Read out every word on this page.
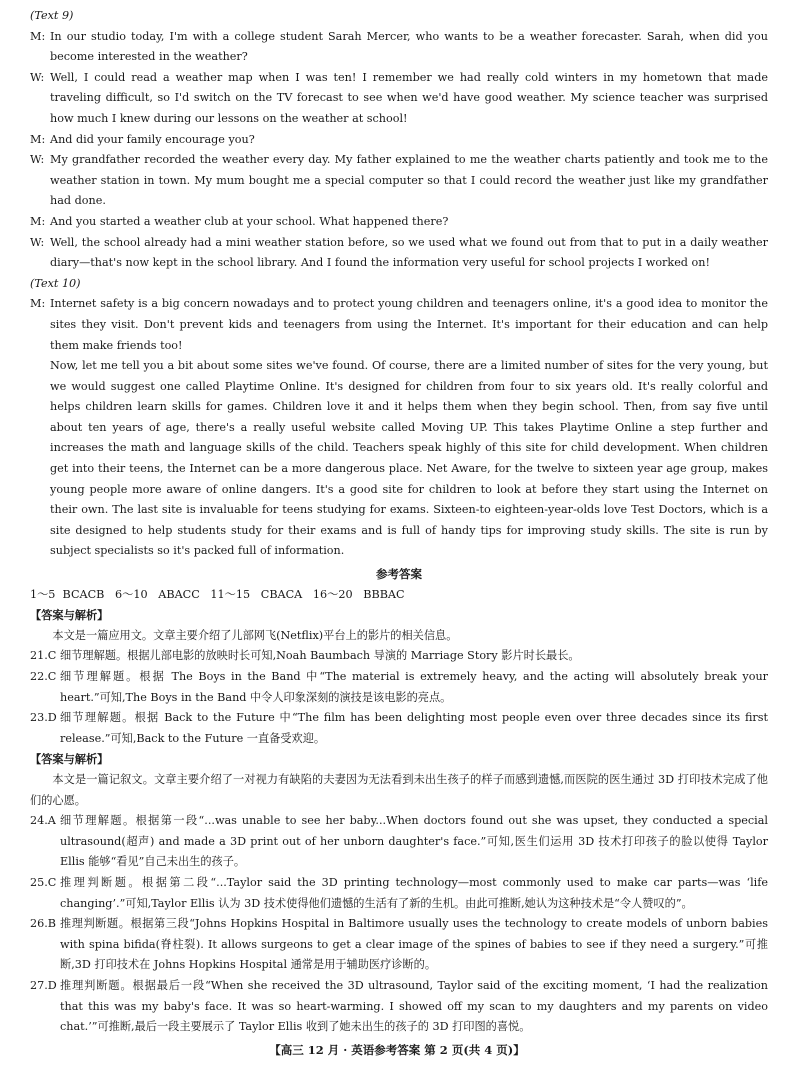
(Text 9)
M: In our studio today, I'm with a college student Sarah Mercer, who wants to be a weather forecaster. Sarah, when did you become interested in the weather?
W: Well, I could read a weather map when I was ten! I remember we had really cold winters in my hometown that made traveling difficult, so I'd switch on the TV forecast to see when we'd have good weather. My science teacher was surprised how much I knew during our lessons on the weather at school!
M: And did your family encourage you?
W: My grandfather recorded the weather every day. My father explained to me the weather charts patiently and took me to the weather station in town. My mum bought me a special computer so that I could record the weather just like my grandfather had done.
M: And you started a weather club at your school. What happened there?
W: Well, the school already had a mini weather station before, so we used what we found out from that to put in a daily weather diary—that's now kept in the school library. And I found the information very useful for school projects I worked on!
(Text 10)
M: Internet safety is a big concern nowadays and to protect young children and teenagers online, it's a good idea to monitor the sites they visit. Don't prevent kids and teenagers from using the Internet. It's important for their education and can help them make friends too!
Now, let me tell you a bit about some sites we've found. Of course, there are a limited number of sites for the very young, but we would suggest one called Playtime Online. It's designed for children from four to six years old. It's really colorful and helps children learn skills for games. Children love it and it helps them when they begin school. Then, from say five until about ten years of age, there's a really useful website called Moving UP. This takes Playtime Online a step further and increases the math and language skills of the child. Teachers speak highly of this site for child development. When children get into their teens, the Internet can be a more dangerous place. Net Aware, for the twelve to sixteen year age group, makes young people more aware of online dangers. It's a good site for children to look at before they start using the Internet on their own. The last site is invaluable for teens studying for exams. Sixteen-to eighteen-year-olds love Test Doctors, which is a site designed to help students study for their exams and is full of handy tips for improving study skills. The site is run by subject specialists so it's packed full of information.
参考答案
1～5  BCACB   6～10   ABACC   11～15   CBACA   16～20   BBBAC
【答案与解析】
本文是一篇应用文。文章主要介绍了儿部网飞(Netflix)平台上的影片的相关信息。
21.C 细节理解题。根据儿部电影的放映时长可知,Noah Baumbach 导演的 Marriage Story 影片时长最长。
22.C 细节理解题。根据 The Boys in the Band 中“The material is extremely heavy, and the acting will absolutely break your heart.”可知,The Boys in the Band 中令人印象深刻的演技是该电影的亮点。
23.D 细节理解题。根据 Back to the Future 中“The film has been delighting most people even over three decades since its first release.”可知,Back to the Future 一直备受欢迎。
【答案与解析】
本文是一篇记叙文。文章主要介绍了一对视力有缺陷的夫妻因为无法看到未出生孩子的样子而感到遗憾,而医院的医生通过 3D 打印技术完成了他们的心愿。
24.A 细节理解题。根据第一段“...was unable to see her baby...When doctors found out she was upset, they conducted a special ultrasound(超声) and made a 3D print out of her unborn daughter's face.”可知,医生们运用 3D 技术打印孩子的脸以使得 Taylor Ellis 能够“看见”自己未出生的孩子。
25.C 推理判断题。根据第二段“...Taylor said the 3D printing technology—most commonly used to make car parts—was ‘life changing’.”可知,Taylor Ellis 认为 3D 技术使得他们遗憾的生活有了新的生机。由此可推断,她认为这种技术是“令人赞叹的”。
26.B 推理判断题。根据第三段“Johns Hopkins Hospital in Baltimore usually uses the technology to create models of unborn babies with spina bifida(脊柱裂). It allows surgeons to get a clear image of the spines of babies to see if they need a surgery.”可推断,3D 打印技术在 Johns Hopkins Hospital 通常是用于辅助医疗诊断的。
27.D 推理判断题。根据最后一段“When she received the 3D ultrasound, Taylor said of the exciting moment, ‘I had the realization that this was my baby's face. It was so heart-warming. I showed off my scan to my daughters and my parents on video chat.’”可推断,最后一段主要展示了 Taylor Ellis 收到了她未出生的孩子的 3D 打印图的喜悦。
【高三 12 月 · 英语参考答案 第 2 页(共 4 页)】
